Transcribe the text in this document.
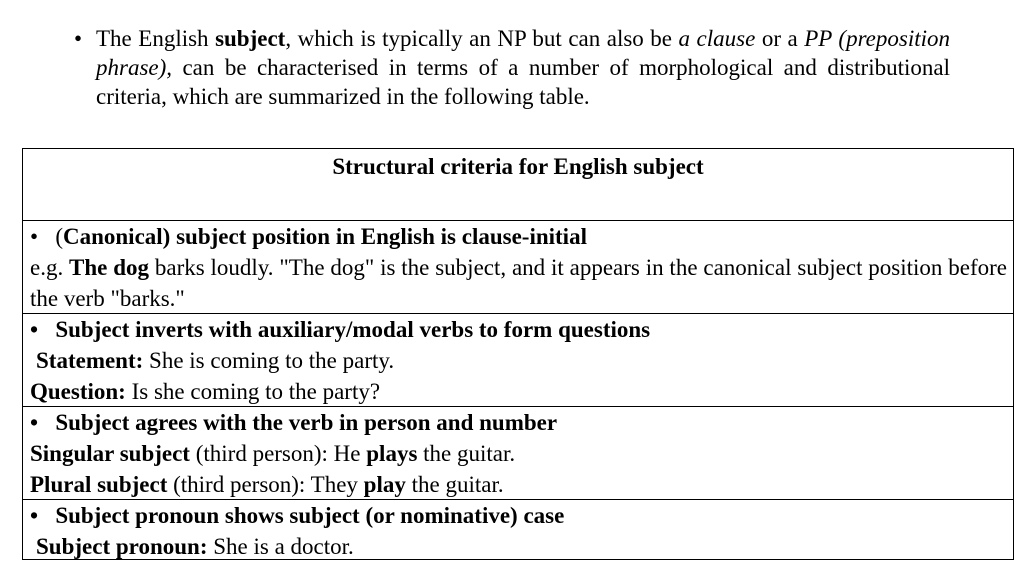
• The English subject, which is typically an NP but can also be a clause or a PP (preposition phrase), can be characterised in terms of a number of morphological and distributional criteria, which are summarized in the following table.
Structural criteria for English subject
• (Canonical) subject position in English is clause-initial
e.g. The dog barks loudly. "The dog" is the subject, and it appears in the canonical subject position before the verb "barks."
• Subject inverts with auxiliary/modal verbs to form questions
Statement: She is coming to the party.
Question: Is she coming to the party?
• Subject agrees with the verb in person and number
Singular subject (third person): He plays the guitar.
Plural subject (third person): They play the guitar.
• Subject pronoun shows subject (or nominative) case
Subject pronoun: She is a doctor.
